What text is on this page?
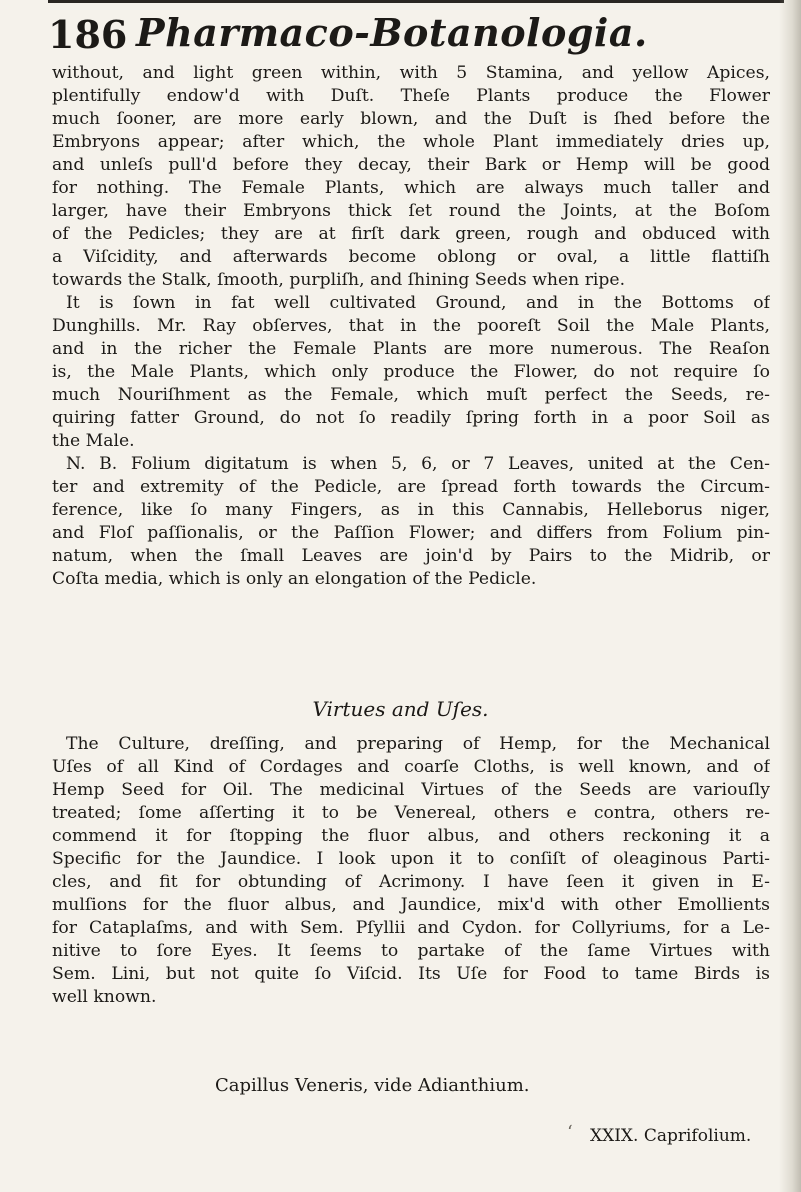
186 Pharmaco-Botanologia.
without, and light green within, with 5 Stamina, and yellow Apices,
plentifully endow'd with Duſt. Theſe Plants produce the Flower
much ſooner, are more early blown, and the Duſt is ſhed before the
Embryons appear; after which, the whole Plant immediately dries up,
and unleſs pull'd before they decay, their Bark or Hemp will be good
for nothing. The Female Plants, which are always much taller and
larger, have their Embryons thick ſet round the Joints, at the Boſom
of the Pedicles; they are at firſt dark green, rough and obduced with
a Viſcidity, and afterwards become oblong or oval, a little flattiſh
towards the Stalk, ſmooth, purpliſh, and ſhining Seeds when ripe.
It is ſown in fat well cultivated Ground, and in the Bottoms of
Dunghills. Mr. Ray obſerves, that in the pooreſt Soil the Male Plants,
and in the richer the Female Plants are more numerous. The Reaſon
is, the Male Plants, which only produce the Flower, do not require ſo
much Nouriſhment as the Female, which muſt perfect the Seeds, re-
quiring fatter Ground, do not ſo readily ſpring forth in a poor Soil as
the Male.
N. B. Folium digitatum is when 5, 6, or 7 Leaves, united at the Cen-
ter and extremity of the Pedicle, are ſpread forth towards the Circum-
ference, like ſo many Fingers, as in this Cannabis, Helleborus niger,
and Floſ paſſionalis, or the Paſſion Flower; and differs from Folium pin-
natum, when the ſmall Leaves are join'd by Pairs to the Midrib, or
Coſta media, which is only an elongation of the Pedicle.
Virtues and Uſes.
The Culture, dreſſing, and preparing of Hemp, for the Mechanical
Uſes of all Kind of Cordages and coarſe Cloths, is well known, and of
Hemp Seed for Oil. The medicinal Virtues of the Seeds are variouſly
treated; ſome aſſerting it to be Venereal, others e contra, others re-
commend it for ſtopping the fluor albus, and others reckoning it a
Specific for the Jaundice. I look upon it to conſiſt of oleaginous Parti-
cles, and fit for obtunding of Acrimony. I have ſeen it given in E-
mulſions for the fluor albus, and Jaundice, mix'd with other Emollients
for Cataplaſms, and with Sem. Pſyllii and Cydon. for Collyriums, for a Le-
nitive to ſore Eyes. It ſeems to partake of the ſame Virtues with
Sem. Lini, but not quite ſo Viſcid. Its Uſe for Food to tame Birds is
well known.
Capillus Veneris, vide Adianthium.
‘ XXIX. Caprifolium.
